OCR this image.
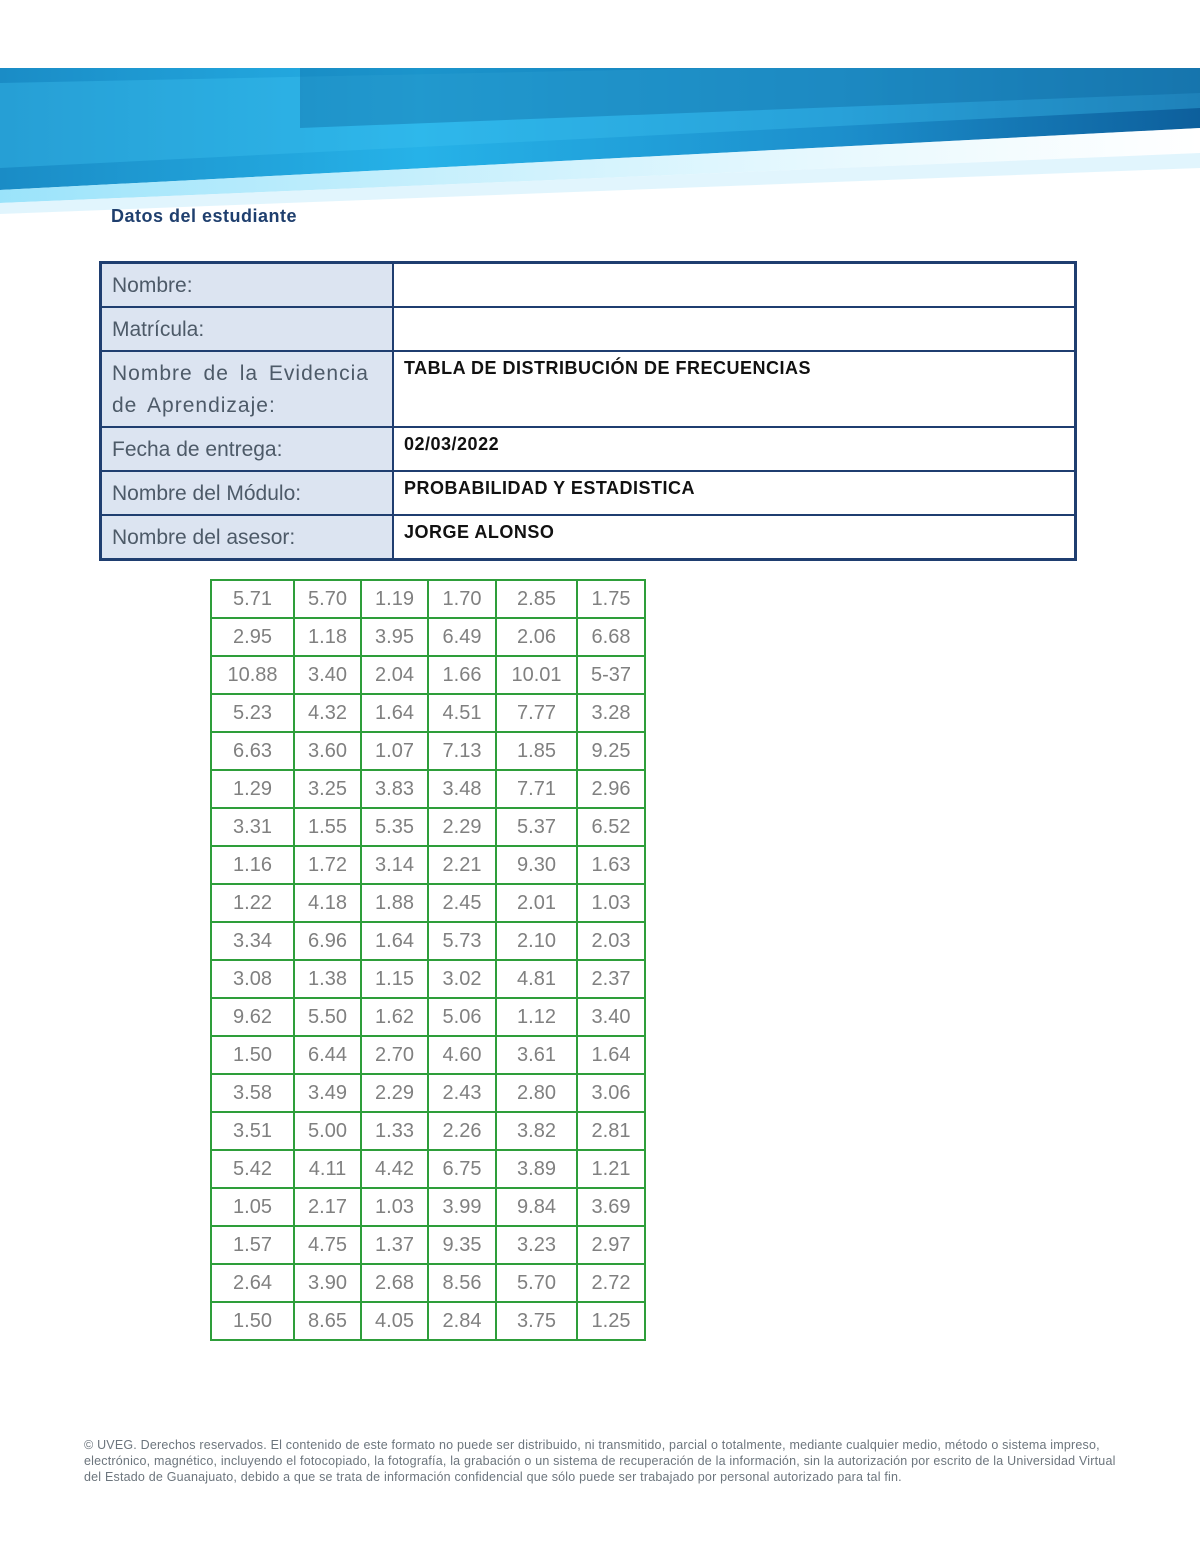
Datos del estudiante
Nombre:	
Matrícula:	
Nombre de la Evidencia de Aprendizaje:	TABLA DE DISTRIBUCIÓN DE FRECUENCIAS
Fecha de entrega:	02/03/2022
Nombre del Módulo:	PROBABILIDAD Y ESTADISTICA
Nombre del asesor:	JORGE ALONSO
5.71	5.70	1.19	1.70	2.85	1.75
2.95	1.18	3.95	6.49	2.06	6.68
10.88	3.40	2.04	1.66	10.01	5-37
5.23	4.32	1.64	4.51	7.77	3.28
6.63	3.60	1.07	7.13	1.85	9.25
1.29	3.25	3.83	3.48	7.71	2.96
3.31	1.55	5.35	2.29	5.37	6.52
1.16	1.72	3.14	2.21	9.30	1.63
1.22	4.18	1.88	2.45	2.01	1.03
3.34	6.96	1.64	5.73	2.10	2.03
3.08	1.38	1.15	3.02	4.81	2.37
9.62	5.50	1.62	5.06	1.12	3.40
1.50	6.44	2.70	4.60	3.61	1.64
3.58	3.49	2.29	2.43	2.80	3.06
3.51	5.00	1.33	2.26	3.82	2.81
5.42	4.11	4.42	6.75	3.89	1.21
1.05	2.17	1.03	3.99	9.84	3.69
1.57	4.75	1.37	9.35	3.23	2.97
2.64	3.90	2.68	8.56	5.70	2.72
1.50	8.65	4.05	2.84	3.75	1.25
© UVEG. Derechos reservados. El contenido de este formato no puede ser distribuido, ni transmitido, parcial o totalmente, mediante cualquier medio, método o sistema impreso, electrónico, magnético, incluyendo el fotocopiado, la fotografía, la grabación o un sistema de recuperación de la información, sin la autorización por escrito de la Universidad Virtual del Estado de Guanajuato, debido a que se trata de información confidencial que sólo puede ser trabajado por personal autorizado para tal fin.
